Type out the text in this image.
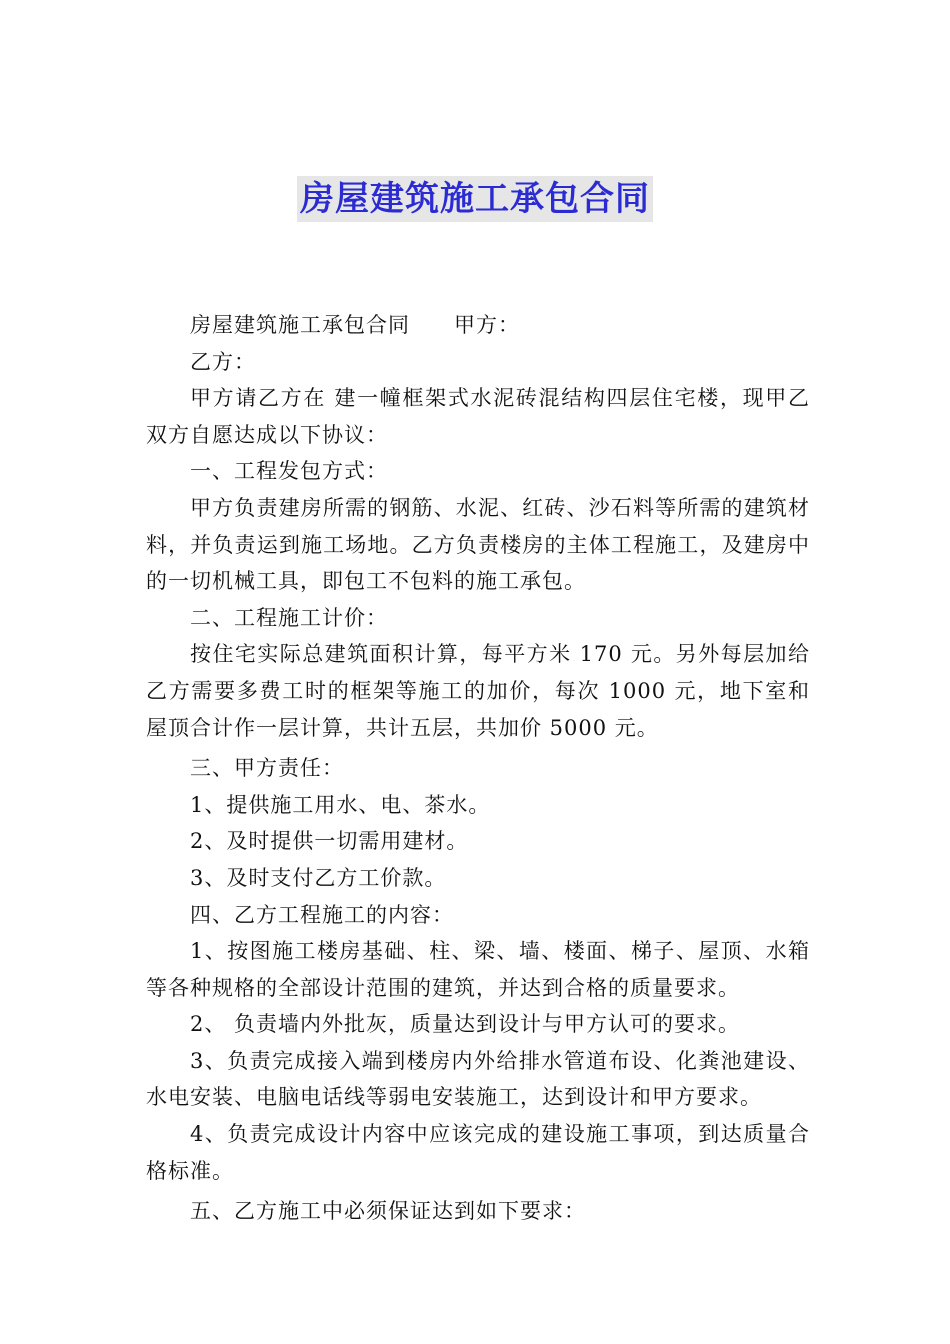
房屋建筑施工承包合同

房屋建筑施工承包合同　　甲方：

乙方：

甲方请乙方在 建一幢框架式水泥砖混结构四层住宅楼，现甲乙双方自愿达成以下协议：

一、工程发包方式：

甲方负责建房所需的钢筋、水泥、红砖、沙石料等所需的建筑材料，并负责运到施工场地。乙方负责楼房的主体工程施工，及建房中的一切机械工具，即包工不包料的施工承包。

二、工程施工计价：

按住宅实际总建筑面积计算，每平方米 170 元。另外每层加给乙方需要多费工时的框架等施工的加价，每次 1000 元，地下室和屋顶合计作一层计算，共计五层，共加价 5000 元。

三、甲方责任：

1、提供施工用水、电、茶水。

2、及时提供一切需用建材。

3、及时支付乙方工价款。

四、乙方工程施工的内容：

1、按图施工楼房基础、柱、梁、墙、楼面、梯子、屋顶、水箱等各种规格的全部设计范围的建筑，并达到合格的质量要求。

2、 负责墙内外批灰，质量达到设计与甲方认可的要求。

3、负责完成接入端到楼房内外给排水管道布设、化粪池建设、水电安装、电脑电话线等弱电安装施工，达到设计和甲方要求。

4、负责完成设计内容中应该完成的建设施工事项，到达质量合格标准。

五、乙方施工中必须保证达到如下要求：
